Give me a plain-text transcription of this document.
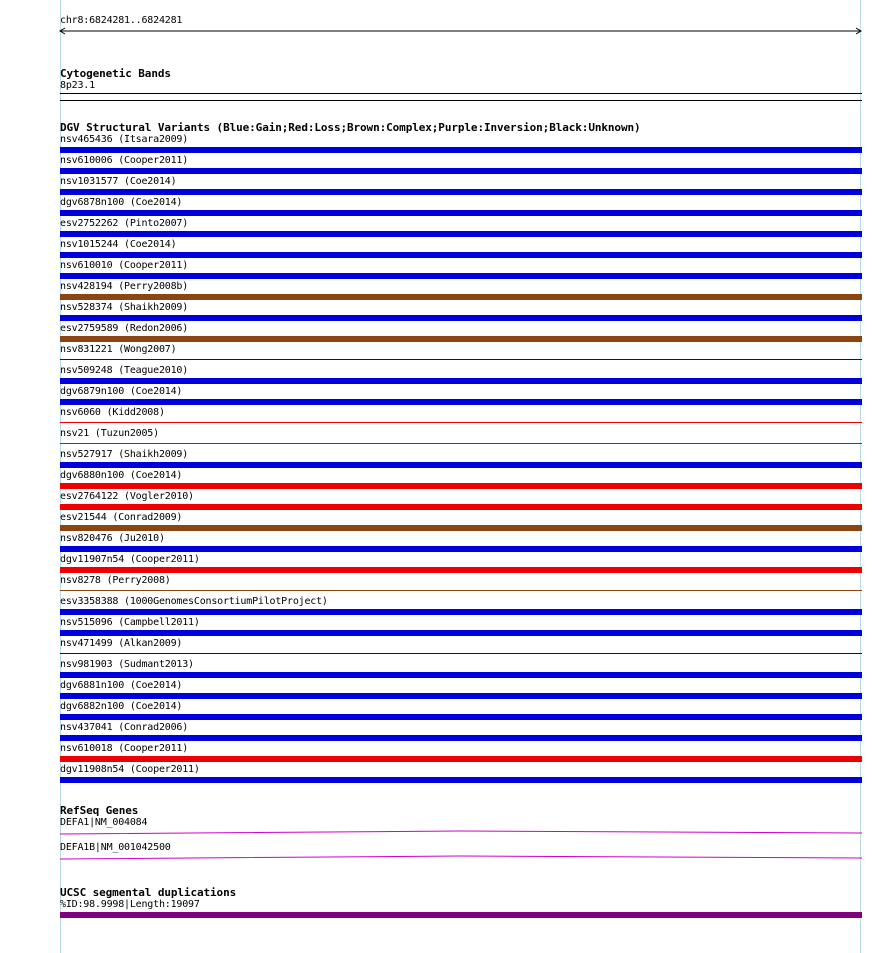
chr8:6824281..6824281
Cytogenetic Bands
8p23.1
DGV Structural Variants (Blue:Gain;Red:Loss;Brown:Complex;Purple:Inversion;Black:Unknown)
nsv465436 (Itsara2009)
nsv610006 (Cooper2011)
nsv1031577 (Coe2014)
dgv6878n100 (Coe2014)
esv2752262 (Pinto2007)
nsv1015244 (Coe2014)
nsv610010 (Cooper2011)
nsv428194 (Perry2008b)
nsv528374 (Shaikh2009)
esv2759589 (Redon2006)
nsv831221 (Wong2007)
nsv509248 (Teague2010)
dgv6879n100 (Coe2014)
nsv6060 (Kidd2008)
nsv21 (Tuzun2005)
nsv527917 (Shaikh2009)
dgv6880n100 (Coe2014)
esv2764122 (Vogler2010)
esv21544 (Conrad2009)
nsv820476 (Ju2010)
dgv11907n54 (Cooper2011)
nsv8278 (Perry2008)
esv3358388 (1000GenomesConsortiumPilotProject)
nsv515096 (Campbell2011)
nsv471499 (Alkan2009)
nsv981903 (Sudmant2013)
dgv6881n100 (Coe2014)
dgv6882n100 (Coe2014)
nsv437041 (Conrad2006)
nsv610018 (Cooper2011)
dgv11908n54 (Cooper2011)
RefSeq Genes
DEFA1|NM_004084
DEFA1B|NM_001042500
UCSC segmental duplications
%ID:98.9998|Length:19097
